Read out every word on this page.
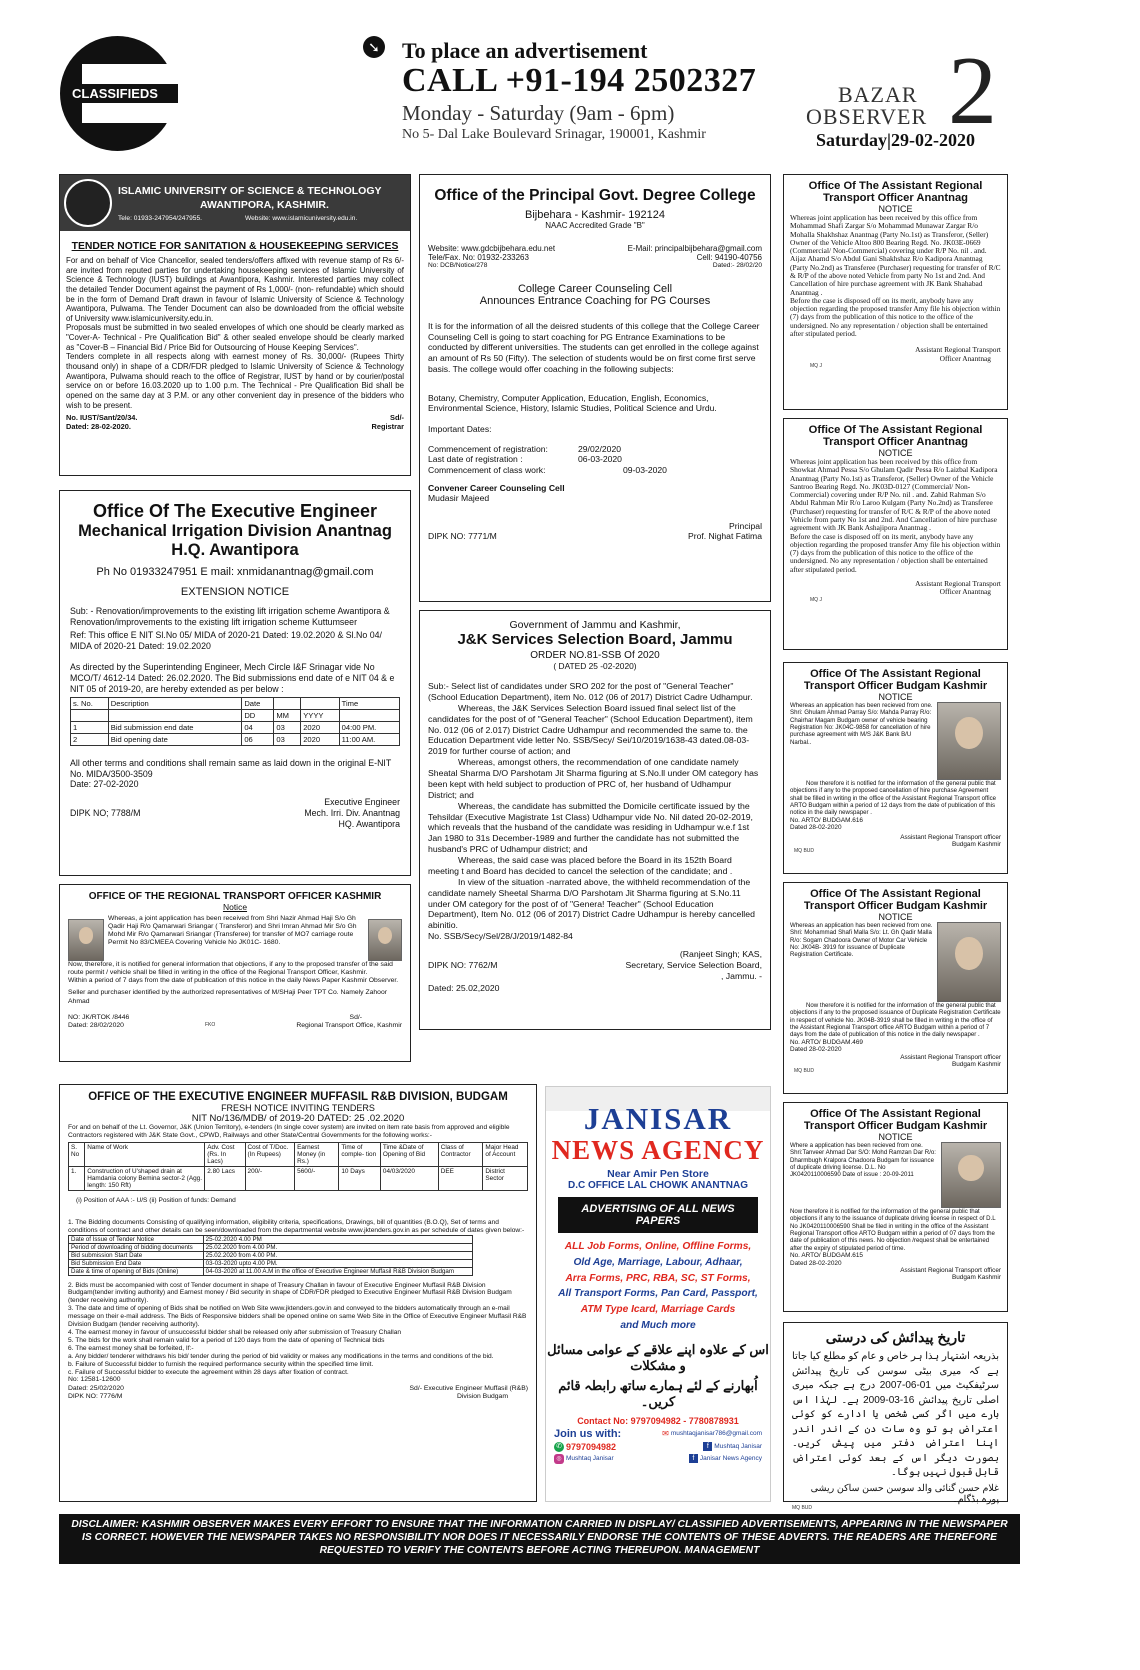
CLASSIFIEDS
➘ To place an advertisement
CALL +91-194 2502327
Monday - Saturday (9am - 6pm)
No 5- Dal Lake Boulevard Srinagar, 190001, Kashmir
BAZAR
OBSERVER 2
Saturday|29-02-2020
ISLAMIC UNIVERSITY OF SCIENCE & TECHNOLOGY
AWANTIPORA, KASHMIR.
Tele: 01933-247954/247955.	Website: www.islamicuniversity.edu.in.
TENDER NOTICE FOR SANITATION & HOUSEKEEPING SERVICES
For and on behalf of Vice Chancellor, sealed tenders/offers affixed with revenue stamp of Rs 6/-are invited from reputed parties for undertaking housekeeping services of Islamic University of Science & Technology (IUST) buildings at Awantipora, Kashmir. Interested parties may collect the detailed Tender Document against the payment of Rs 1,000/- (non- refundable) which should be in the form of Demand Draft drawn in favour of Islamic University of Science & Technology Awantipora, Pulwama. The Tender Document can also be downloaded from the official website of University www.islamicuniversity.edu.in.
Proposals must be submitted in two sealed envelopes of which one should be clearly marked as "Cover-A- Technical - Pre Qualification Bid" & other sealed envelope should be clearly marked as "Cover-B – Financial Bid / Price Bid for Outsourcing of House Keeping Services".
Tenders complete in all respects along with earnest money of Rs. 30,000/- (Rupees Thirty thousand only) in shape of a CDR/FDR pledged to Islamic University of Science & Technology Awantipora, Pulwama should reach to the office of Registrar, IUST by hand or by courier/postal service on or before 16.03.2020 up to 1.00 p.m. The Technical - Pre Qualification Bid shall be opened on the same day at 3 P.M. or any other convenient day in presence of the bidders who wish to be present.
No. IUST/Sant/20/34.	Sd/-
Dated: 28-02-2020.	Registrar
Office Of The Executive Engineer
Mechanical Irrigation Division Anantnag
H.Q. Awantipora
Ph No 01933247951 E mail: xnmidanantnag@gmail.com
EXTENSION NOTICE
Sub: - Renovation/improvements to the existing lift irrigation scheme Awantipora & Renovation/improvements to the existing lift irrigation scheme Kuttumseer
Ref: This office E NIT Sl.No 05/ MIDA of 2020-21 Dated: 19.02.2020 & Sl.No 04/ MIDA of 2020-21 Dated: 19.02.2020
As directed by the Superintending Engineer, Mech Circle I&F Srinagar vide No MCO/T/ 4612-14 Dated: 26.02.2020. The Bid submissions end date of e NIT 04 & e NIT 05 of 2019-20, are hereby extended as per below :
s. No.	Description	Date			Time
		DD	MM	YYYY	
1	Bid submission end date	04	03	2020	04:00 PM.
2	Bid opening date	06	03	2020	11:00 AM.
All other terms and conditions shall remain same as laid down in the original E-NIT
No. MIDA/3500-3509
Date: 27-02-2020
Executive Engineer
DIPK NO; 7788/M	Mech. Irri. Div. Anantnag
HQ. Awantipora
OFFICE OF THE REGIONAL TRANSPORT OFFICER KASHMIR
Notice
Whereas, a joint application has been received from Shri Nazir Ahmad Haji S/o Gh Qadir Haji R/o Qamarwari Sriangar ( Transferor) and Shri Imran Ahmad Mir S/o Gh Mohd Mir R/o Qamarwari Sriangar (Transferee) for transfer of MO7 carriage route Permit No 83/CMEEA Covering Vehicle No JK01C- 1680.
Now, therefore, it is notified for general information that objections, if any to the proposed transfer of the said route permit / vehicle shall be filled in writing in the office of the Regional Transport Officer, Kashmir.
Within a period of 7 days from the date of publication of this notice in the daily News Paper Kashmir Observer.
Seller and purchaser identified by the authorized representatives of M/SHaji Peer TPT Co. Namely Zahoor Ahmad
NO: JK/RTOK /8446	Sd/-
Dated: 28/02/2020	FKO	Regional Transport Office, Kashmir
OFFICE OF THE EXECUTIVE ENGINEER MUFFASIL R&B DIVISION, BUDGAM
FRESH NOTICE INVITING TENDERS
NIT No/136/MDB/ of 2019-20 DATED: 25 .02.2020
For and on behalf of the Lt. Governor, J&K (Union Territory), e-tenders (In single cover system) are invited on item rate basis from approved and eligible Contractors registered with J&K State Govt., CPWD, Railways and other State/Central Governments for the following works:-
S. No	Name of Work	Adv. Cost (Rs. In Lacs)	Cost of T/Doc. (In Rupees)	Earnest Money (in Rs.)	Time of comple- tion	Time &Date of Opening of Bid	Class of Contractor	Major Head of Account
1.	Construction of U'shaped drain at Hamdania colony Bemina sector-2 (Agg. length: 150 Rft)	2.80 Lacs	200/-	5600/-	10 Days	04/03/2020	DEE	District Sector
(i) Position of AAA :- U/S (ii) Position of funds: Demand
1. The Bidding documents Consisting of qualifying information, eligibility criteria, specifications, Drawings, bill of quantities (B.O.Q), Set of terms and conditions of contract and other details can be seen/downloaded from the departmental website www.jktenders.gov.in as per schedule of dates given below:-
Date of Issue of Tender Notice	25-02.2020 4.00 PM
Period of downloading of bidding documents	25.02.2020 from 4.00 PM.
Bid submission Start Date	25.02.2020 from 4.00 PM.
Bid Submission End Date	03-03-2020 upto 4.00 PM.
Date & time of opening of Bids (Online)	04-03-2020 at 11.00 A.M in the office of Executive Engineer Muffasil R&B Division Budgam
2. Bids must be accompanied with cost of Tender document in shape of Treasury Challan in favour of Executive Engineer Muffasil R&B Division Budgam(tender inviting authority) and Earnest money / Bid security in shape of CDR/FDR pledged to Executive Engineer Muffasil R&B Division Budgam (tender receiving authority).
3. The date and time of opening of Bids shall be notified on Web Site www.jktenders.gov.in and conveyed to the bidders automatically through an e-mail message on their e-mail address. The Bids of Responsive bidders shall be opened online on same Web Site in the Office of Executive Engineer Muffasil R&B Division Budgam (tender receiving authority).
4. The earnest money in favour of unsuccessful bidder shall be released only after submission of Treasury Challan
5. The bids for the work shall remain valid for a period of 120 days from the date of opening of Technical bids
6. The earnest money shall be forfeited, If:-
a. Any bidder/ tenderer withdraws his bid/ tender during the period of bid validity or makes any modifications in the terms and conditions of the bid.
b. Failure of Successful bidder to furnish the required performance security within the specified time limit.
c. Failure of Successful bidder to execute the agreement within 28 days after fixation of contract.
No: 12581-12600
Dated: 25/02/2020	Sd/- Executive Engineer Muffasil (R&B)
DIPK NO: 7776/M	Division Budgam
Office of the Principal Govt. Degree College
Bijbehara - Kashmir- 192124
NAAC Accredited Grade "B"
Website: www.gdcbijbehara.edu.net	E-Mail: principalbijbehara@gmail.com
Tele/Fax. No: 01932-233263	Cell: 94190-40756
No: DCB/Notice/278	Dated:- 28/02/20
College Career Counseling Cell
Announces Entrance Coaching for PG Courses
It is for the information of all the deisred students of this college that the College Career Counseling Cell is going to start coaching for PG Entrance Examinations to be conducted by different universities. The students can get enrolled in the college against an amount of Rs 50 (Fifty). The selection of students would be on first come first serve basis. The college would offer coaching in the following subjects:
Botany, Chemistry, Computer Application, Education, English, Economics, Environmental Science, History, Islamic Studies, Political Science and Urdu.
Important Dates:
Commencement of registration:	29/02/2020
Last date of registration :	06-03-2020
Commencement of class work:	09-03-2020
Convener Career Counseling Cell
Mudasir Majeed
Principal
DIPK NO: 7771/M	Prof. Nighat Fatima
Government of Jammu and Kashmir,
J&K Services Selection Board, Jammu
ORDER NO.81-SSB Of 2020
( DATED 25 -02-2020)
Sub:- Select list of candidates under SRO 202 for the post of "General Teacher" (School Education Department), item No. 012 (06 of 2017) District Cadre Udhampur.
Whereas, the J&K Services Selection Board issued final select list of the candidates for the post of of "General Teacher" (School Education Department), item No. 012 (06 of 2.017) District Cadre Udhampur and recommended the same to. the Education Department vide letter No. SSB/Secy/ Sei/10/2019/1638-43 dated.08-03-2019 for further course of action; and
Whereas, amongst others, the recommendation of one candidate namely Sheatal Sharma D/O Parshotam Jit Sharma figuring at S.No.ll under OM category has been kept with held subject to production of PRC of, her husband of Udhampur District; and
Whereas, the candidate has submitted the Domicile certificate issued by the Tehsildar (Executive Magistrate 1st Class) Udhampur vide No. Nil dated 20-02-2019, which reveals that the husband of the candidate was residing in Udhampur w.e.f 1st Jan 1980 to 31s December-1989 and further the candidate has not submitted the husband's PRC of Udhampur district; and
Whereas, the said case was placed before the Board in its 152th Board meeting t and Board has decided to cancel the selection of the candidate; and .
In view of the situation -narrated above, the withheld recommendation of the candidate namely Sheetal Sharma D/O Parshotam Jit Sharma figuring at S.No.11 under OM category for the post of of "Genera! Teacher" (School Education Department), Item No. 012 (06 of 2017) District Cadre Udhampur is hereby cancelled abinitio.
No. SSB/Secy/Sel/28/J/2019/1482-84
(Ranjeet Singh; KAS,
DIPK NO: 7762/M	Secretary, Service Selection Board,
, Jammu. -
Dated: 25.02,2020
JANISAR
NEWS AGENCY
Near Amir Pen Store
D.C OFFICE LAL CHOWK ANANTNAG
ADVERTISING OF ALL NEWS PAPERS
ALL Job Forms, Online, Offline Forms,
Old Age, Marriage, Labour, Adhaar,
Arra Forms, PRC, RBA, SC, ST Forms,
All Transport Forms, Pan Card, Passport,
ATM Type Icard, Marriage Cards
and Much more
اس کے علاوہ اپنے علاقے کے عوامی مسائل و مشکلات
اُبھارنے کے لئے ہمارے ساتھ رابطہ قائم کریں۔
Contact No: 9797094982 - 7780878931
Join us with:	✉ mushtaqjanisar786@gmail.com
✆ 9797094982	f Mushtaq Janisar
◎ Mushtaq Janisar	f Janisar News Agency
Office Of The Assistant Regional
Transport Officer Anantnag
NOTICE
Whereas joint application has been received by this office from Mohammad Shafi Zargar S/o Mohammad Munawar Zargar R/o Mohalla Shakhshaz Anantnag (Party No.1st) as Transferor, (Seller) Owner of the Vehicle Altoo 800 Bearing Regd. No. JK03E-0669 (Commercial/ Non-Commercial) covering under R/P No. nil . and. Aijaz Ahamd S/o Abdul Gani Shakhshaz R/o Kadipora Anantnag (Party No.2nd) as Transferee (Purchaser) requesting for transfer of R/C & R/P of the above noted Vehicle from party No 1st and 2nd. And Cancellation of hire purchase agreement with JK Bank Shahabad Anantnag .
Before the case is disposed off on its merit, anybody have any objection regarding the proposed transfer Amy file his objection within (7) days from the publication of this notice to the office of the undersigned. No any representation / objection shall be entertained after stipulated period.
Assistant Regional Transport
Officer Anantnag
MQ J
Office Of The Assistant Regional
Transport Officer Anantnag
NOTICE
Whereas joint application has been received by this office from Showkat Ahmad Pessa S/o Ghulam Qadir Pessa R/o Laizbal Kadipora Anantnag (Party No.1st) as Transferor, (Seller) Owner of the Vehicle Santroo Bearing Regd. No. JK03D-0127 (Commercial/ Non-Commercial) covering under R/P No. nil . and. Zahid Rahman S/o Abdul Rahman Mir R/o Laroo Kulgam (Party No.2nd) as Transferee (Purchaser) requesting for transfer of R/C & R/P of the above noted Vehicle from party No 1st and 2nd. And Cancellation of hire purchase agreement with JK Bank Ashajipora Anantnag .
Before the case is disposed off on its merit, anybody have any objection regarding the proposed transfer Amy file his objection within (7) days from the publication of this notice to the office of the undersigned. No any representation / objection shall be entertained after stipulated period.
Assistant Regional Transport
Officer Anantnag
MQ J
Office Of The Assistant Regional
Transport Officer Budgam Kashmir
NOTICE
Whereas an application has been recieved from one. Shri: Ghulam Ahmad Parray S/o: Mahda Parray R/o: Chairhar Magam Budgam owner of vehicle bearing Registration No: JK04C-9858 for cancellation of hire purchase agreement with M/S J&K Bank B/U Narbal..
Now therefore it is notified for the information of the general public that objections if any to the proposed cancellation of hire purchase Agreement shall be filled in writing in the office of the Assistant Regional Transport office ARTO Budgam within a period of 12 days from the date of publication of this notice in the daily newspaper .
No. ARTO/ BUDGAM.616
Dated 28-02-2020
Assistant Regional Transport officer
Budgam Kashmir
MQ BUD
Office Of The Assistant Regional
Transport Officer Budgam Kashmir
NOTICE
Whereas an application has been recieved from one. Shri: Mohammad Shafi Malla S/o: Lt. Gh Qadir Malla R/o: Sogam Chadoora Owner of Motor Car Vehicle No: JK04B- 3919 for issuance of Duplicate Registration Certificate.
Now therefore it is notified for the information of the general public that objections if any to the proposed issuance of Duplicate Registration Certificate in respect of vehicle No. JK04B-3919 shall be filled in writing in the office of the Assistant Regional Transport office ARTO Budgam within a period of 7 days from the date of publication of this notice in the daily newspaper .
No. ARTO/ BUDGAM.469
Dated 28-02-2020
Assistant Regional Transport officer
Budgam Kashmir
MQ BUD
Office Of The Assistant Regional
Transport Officer Budgam Kashmir
NOTICE
Where a application has been recieved from one. Shri:Tanveer Ahmad Dar S/O: Mohd Ramzan Dar R/o: Dharmbugh Kralpora Chadoora Budgam for issuance of duplicate driving license. D.L. No JK0420110006590 Date of issue : 20-09-2011
Now therefore it is notified for the information of the general public that objections if any to the issuance of duplicate driving license in respect of D.L No JK0420110006590 Shall be filed in writing in the office of the Assistant Regional Transport office ARTO Budgam within a period of 07 days from the date of publication of this news. No objection /request shall be entertained after the expiry of stipulated period of time.
No. ARTO/ BUDGAM.615
Dated 28-02-2020
Assistant Regional Transport officer
Budgam Kashmir
تاریخ پیدائش کی درستی
بذریعہ اشتہار ہذا ہر خاص و عام کو مطلع کیا جاتا ہے کہ میری بیٹی سوسن کی تاریخ پیدائش سرٹیفکیٹ میں 01-06-2007 درج ہے جبکہ میری اصلی تاریخ پیدائش 16-03-2009 ہے۔ لہٰذا اس بارے میں اگر کسی شخص یا ادارے کو کوئی اعتراض ہو تو وہ سات دن کے اندر اندر اپنا اعتراض دفتر میں پیش کریں۔ بصورت دیگر اس کے بعد کوئی اعتراض قابل قبول نہیں ہوگا۔
غلام حسن گنائی والد سوسن حسن ساکن ریشی پورہ بڈگام۔
MQ BUD
DISCLAIMER: KASHMIR OBSERVER MAKES EVERY EFFORT TO ENSURE THAT THE INFORMATION CARRIED IN DISPLAY/ CLASSIFIED ADVERTISEMENTS, APPEARING IN THE NEWSPAPER IS CORRECT. HOWEVER THE NEWSPAPER TAKES NO RESPONSIBILITY NOR DOES IT NECESSARILY ENDORSE THE CONTENTS OF THESE ADVERTS. THE READERS ARE THEREFORE REQUESTED TO VERIFY THE CONTENTS BEFORE ACTING THEREUPON. MANAGEMENT
